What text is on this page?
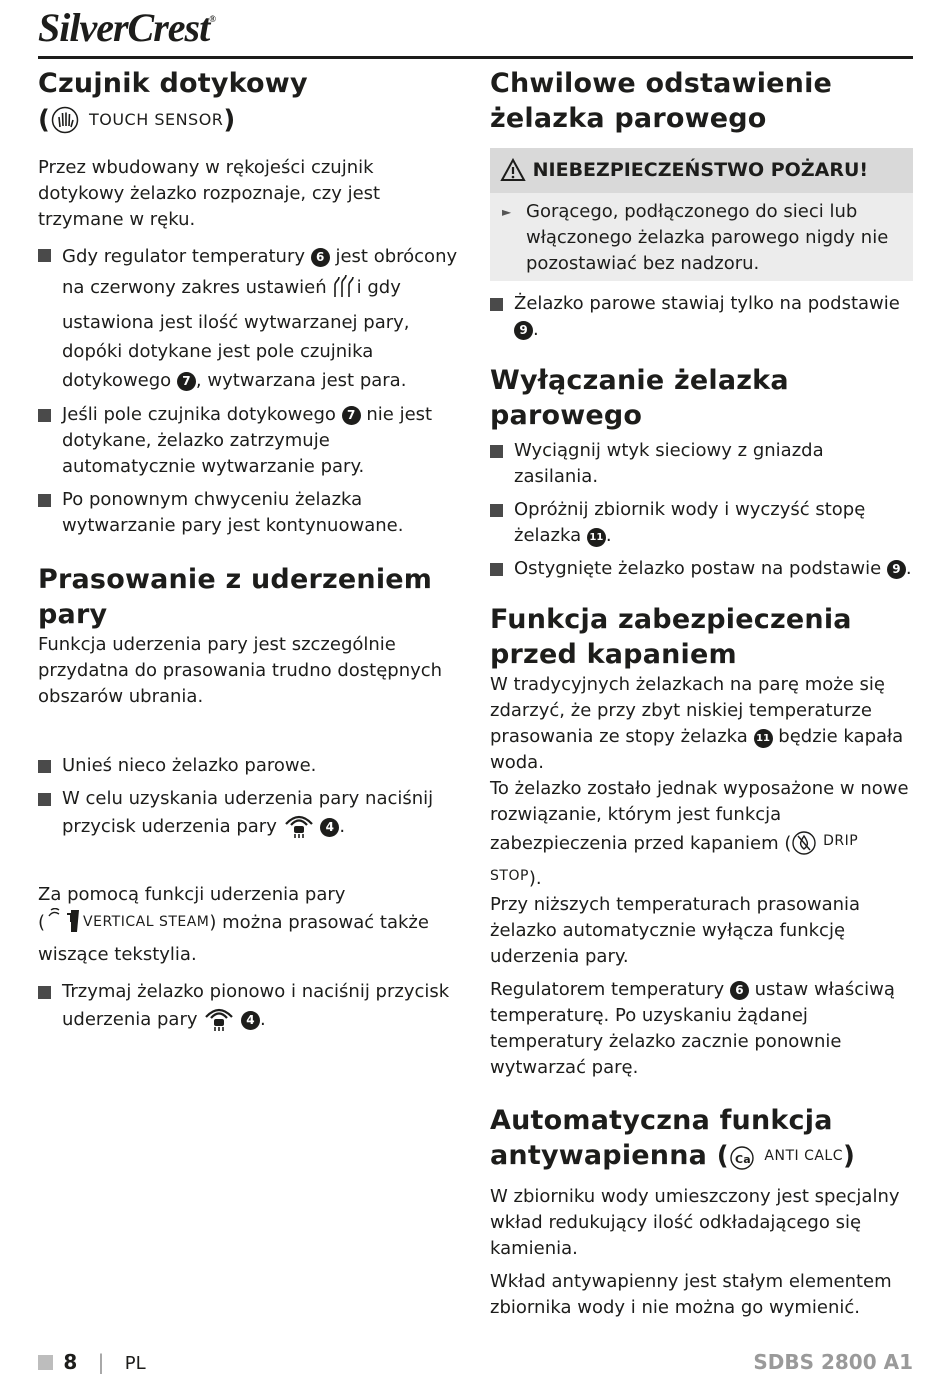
SilverCrest®
Czujnik dotykowy
( TOUCH SENSOR)

Przez wbudowany w rękojeści czujnik dotykowy żelazko rozpoznaje, czy jest trzymane w ręku.

Gdy regulator temperatury 6 jest obrócony na czerwony zakres ustawień i gdy ustawiona jest ilość wytwarzanej pary, dopóki dotykane jest pole czujnika dotykowego 7 , wytwarzana jest para.
Jeśli pole czujnika dotykowego 7 nie jest dotykane, żelazko zatrzymuje automatycznie wytwarzanie pary.
Po ponownym chwyceniu żelazka wytwarzanie pary jest kontynuowane.
Prasowanie z uderzeniem pary

Funkcja uderzenia pary jest szczególnie przydatna do prasowania trudno dostępnych obszarów ubrania.

Unieś nieco żelazko parowe.
W celu uzyskania uderzenia pary naciśnij przycisk uderzenia pary	4 .

Za pomocą funkcji uderzenia pary

(	VERTICAL STEAM) można prasować także wiszące tekstylia.

Trzymaj żelazko pionowo i naciśnij przycisk uderzenia pary	4 .
Chwilowe odstawienie żelazka parowego
NIEBEZPIECZEŃSTWO POŻARU!

► Gorącego, podłączonego do sieci lub włączonego żelazka parowego nigdy nie pozostawiać bez nadzoru.

Żelazko parowe stawiaj tylko na podstawie 9 .
Wyłączanie żelazka parowego
Wyciągnij wtyk sieciowy z gniazda zasilania.
Opróżnij zbiornik wody i wyczyść stopę żelazka 11 .
Ostygnięte żelazko postaw na podstawie 9 .
Funkcja zabezpieczenia przed kapaniem

W tradycyjnych żelazkach na parę może się zdarzyć, że przy zbyt niskiej temperaturze prasowania ze stopy żelazka 11 będzie kapała woda.

To żelazko zostało jednak wyposażone w nowe rozwiązanie, którym jest funkcja zabezpieczenia przed kapaniem ( $^{DRIP STOP}$).

Przy niższych temperaturach prasowania żelazko automatycznie wyłącza funkcję uderzenia pary.

Regulatorem temperatury 6 ustaw właściwą temperaturę. Po uzyskaniu żądanej temperatury żelazko zacznie ponownie wytwarzać parę.

Automatyczna funkcja antywapienna ( Ca ANTI CALC)

W zbiorniku wody umieszczony jest specjalny wkład redukujący ilość odkładającego się kamienia.

Wkład antywapienny jest stałym elementem zbiornika wody i nie można go wymienić.

8 | PL	SDBS 2800 A1
